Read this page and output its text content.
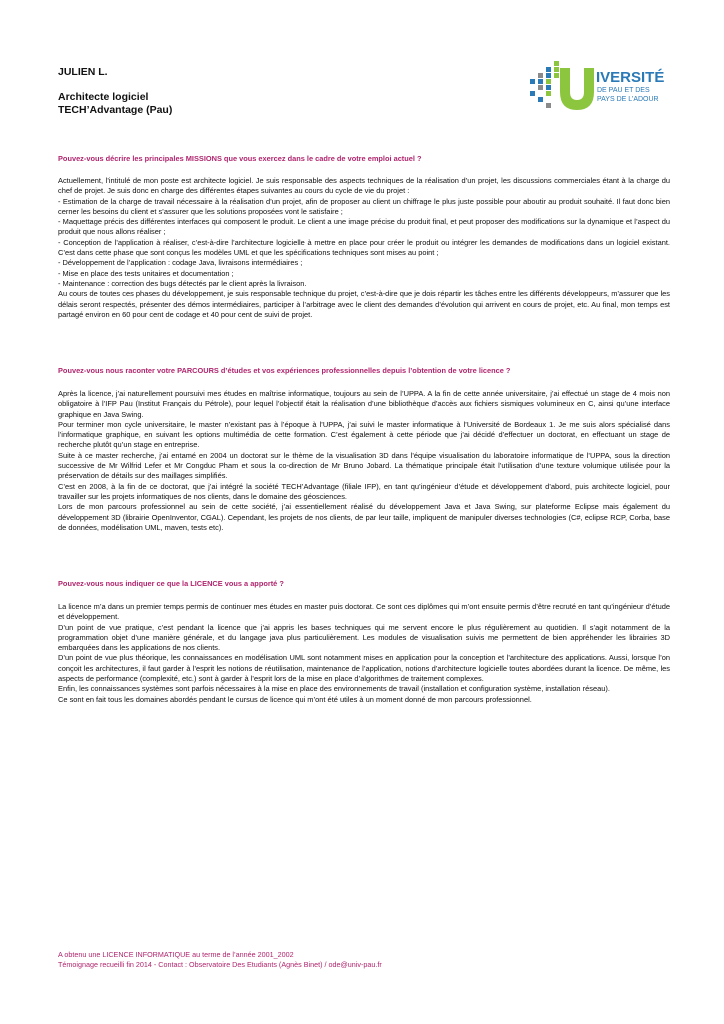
JULIEN L.

Architecte logiciel

TECH’Advantage (Pau)

IVERSITÉ
DE PAU ET DES
PAYS DE L’ADOUR

Pouvez-vous décrire les principales MISSIONS que vous exercez dans le cadre de votre emploi actuel ?

Actuellement, l’intitulé de mon poste est architecte logiciel. Je suis responsable des aspects techniques de la réalisation d’un projet, les discussions commerciales étant à la charge du chef de projet. Je suis donc en charge des différentes étapes suivantes au cours du cycle de vie du projet :

- Estimation de la charge de travail nécessaire à la réalisation d’un projet, afin de proposer au client un chiffrage le plus juste possible pour aboutir au produit souhaité. Il faut donc bien cerner les besoins du client et s’assurer que les solutions proposées vont le satisfaire ;

- Maquettage précis des différentes interfaces qui composent le produit. Le client a une image précise du produit final, et peut proposer des modifications sur la dynamique et l’aspect du produit que nous allons réaliser ;

- Conception de l’application à réaliser, c’est-à-dire l’architecture logicielle à mettre en place pour créer le produit ou intégrer les demandes de modifications dans un logiciel existant. C’est dans cette phase que sont conçus les modèles UML et que les spécifications techniques sont mises au point ;

- Développement de l’application : codage Java, livraisons intermédiaires ;

- Mise en place des tests unitaires et documentation ;

- Maintenance : correction des bugs détectés par le client après la livraison.

Au cours de toutes ces phases du développement, je suis responsable technique du projet, c’est-à-dire que je dois répartir les tâches entre les différents développeurs, m’assurer que les délais seront respectés, présenter des démos intermédiaires, participer à l’arbitrage avec le client des demandes d’évolution qui arrivent en cours de projet, etc. Au final, mon temps est partagé environ en 60 pour cent de codage et 40 pour cent de suivi de projet.

Pouvez-vous nous raconter votre PARCOURS d’études et vos expériences professionnelles depuis l’obtention de votre licence ?

Après la licence, j’ai naturellement poursuivi mes études en maîtrise informatique, toujours au sein de l’UPPA. A la fin de cette année universitaire, j’ai effectué un stage de 4 mois non obligatoire à l’IFP Pau (Institut Français du Pétrole), pour lequel l’objectif était la réalisation d’une bibliothèque d’accès aux fichiers sismiques volumineux en C, ainsi qu’une interface graphique en Java Swing.

Pour terminer mon cycle universitaire, le master n’existant pas à l’époque à l’UPPA, j’ai suivi le master informatique à l’Université de Bordeaux 1. Je me suis alors spécialisé dans l’informatique graphique, en suivant les options multimédia de cette formation. C’est également à cette période que j’ai décidé d’effectuer un doctorat, en effectuant un stage de recherche plutôt qu’un stage en entreprise.

Suite à ce master recherche, j’ai entamé en 2004 un doctorat sur le thème de la visualisation 3D dans l’équipe visualisation du laboratoire informatique de l’UPPA, sous la direction successive de Mr Wilfrid Lefer et Mr Congduc Pham et sous la co-direction de Mr Bruno Jobard. La thématique principale était l’utilisation d’une texture volumique utilisée pour la préservation de détails sur des maillages simplifiés.

C’est en 2008, à la fin de ce doctorat, que j’ai intégré la société TECH’Advantage (filiale IFP), en tant qu’ingénieur d’étude et développement d’abord, puis architecte logiciel, pour travailler sur les projets informatiques de nos clients, dans le domaine des géosciences.

Lors de mon parcours professionnel au sein de cette société, j’ai essentiellement réalisé du développement Java et Java Swing, sur plateforme Eclipse mais également du développement 3D (librairie OpenInventor, CGAL). Cependant, les projets de nos clients, de par leur taille, impliquent de manipuler diverses technologies (C#, eclipse RCP, Corba, base de données, modélisation UML, maven, tests etc).

Pouvez-vous nous indiquer ce que la LICENCE vous a apporté ?

La licence m’a dans un premier temps permis de continuer mes études en master puis doctorat. Ce sont ces diplômes qui m’ont ensuite permis d’être recruté en tant qu’ingénieur d’étude et développement.

D’un point de vue pratique, c’est pendant la licence que j’ai appris les bases techniques qui me servent encore le plus régulièrement au quotidien. Il s’agit notamment de la programmation objet d’une manière générale, et du langage java plus particulièrement. Les modules de visualisation suivis me permettent de bien appréhender les librairies 3D embarquées dans les applications de nos clients.

D’un point de vue plus théorique, les connaissances en modélisation UML sont notamment mises en application pour la conception et l’architecture des applications. Aussi, lorsque l’on conçoit les architectures, il faut garder à l’esprit les notions de réutilisation, maintenance de l’application, notions d’architecture logicielle toutes abordées durant la licence. De même, les aspects de performance (complexité, etc.) sont à garder à l’esprit lors de la mise en place d’algorithmes de traitement complexes.

Enfin, les connaissances systèmes sont parfois nécessaires à la mise en place des environnements de travail (installation et configuration système, installation réseau).

Ce sont en fait tous les domaines abordés pendant le cursus de licence qui m’ont été utiles à un moment donné de mon parcours professionnel.

A obtenu une LICENCE INFORMATIQUE au terme de l’année 2001_2002
Témoignage recueilli fin 2014 - Contact : Observatoire Des Etudiants (Agnès Binet) / ode@univ-pau.fr
